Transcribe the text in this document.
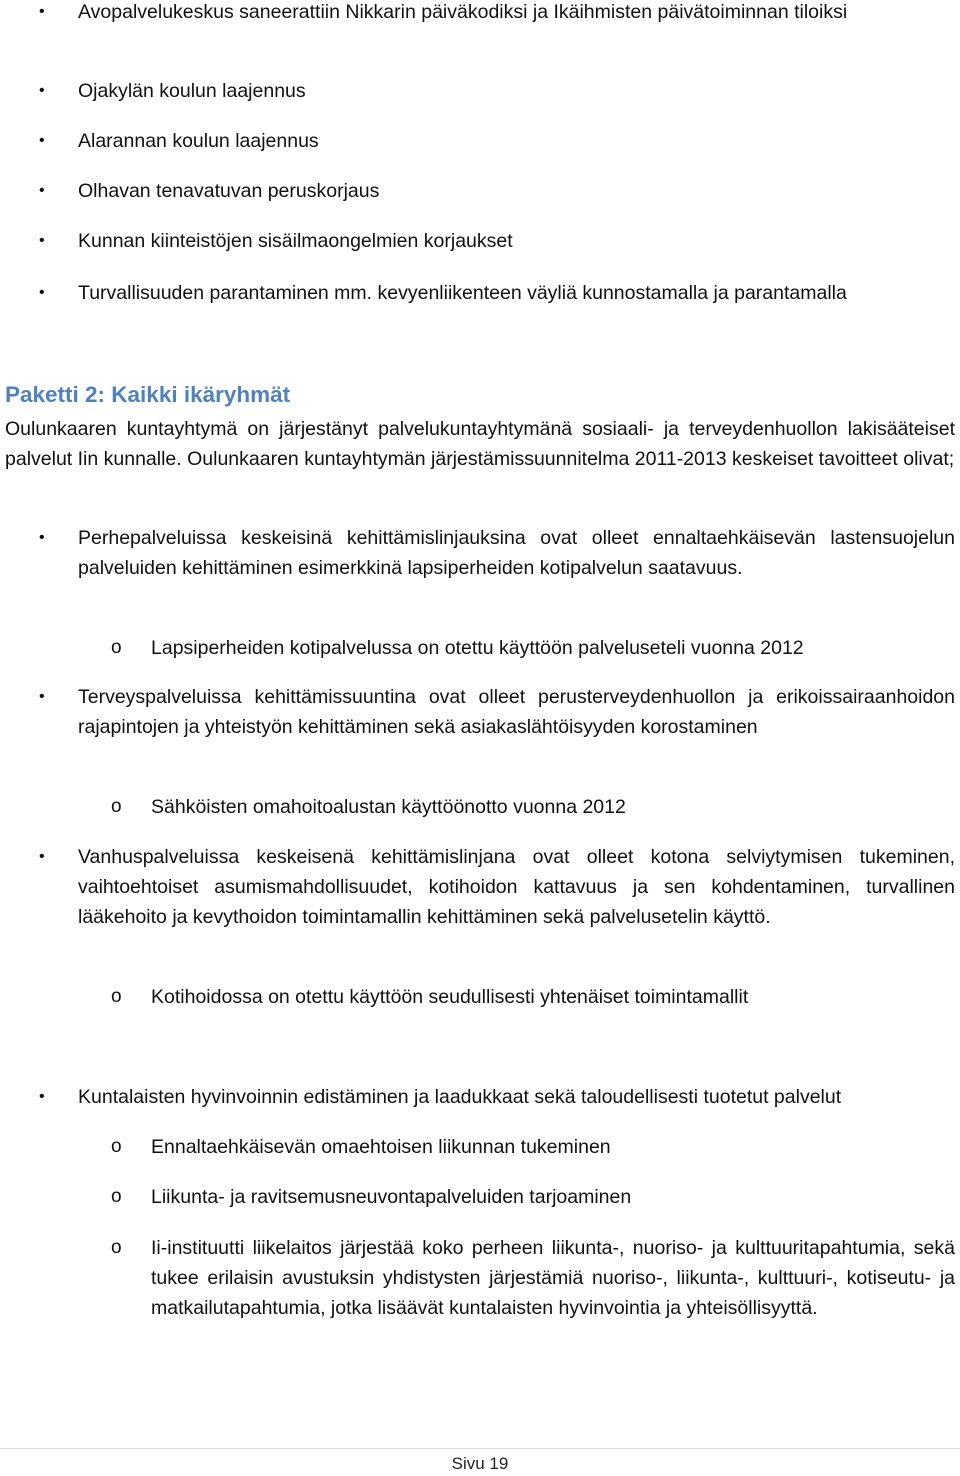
• Avopalvelukeskus saneerattiin Nikkarin päiväkodiksi ja Ikäihmisten päivätoiminnan tiloiksi
• Ojakylän koulun laajennus
• Alarannan koulun laajennus
• Olhavan tenavatuvan peruskorjaus
• Kunnan kiinteistöjen sisäilmaongelmien korjaukset
• Turvallisuuden parantaminen mm. kevyenliikenteen väyliä kunnostamalla ja parantamalla
Paketti 2: Kaikki ikäryhmät
Oulunkaaren kuntayhtymä on järjestänyt palvelukuntayhtymänä sosiaali- ja terveydenhuollon lakisääteiset palvelut Iin kunnalle. Oulunkaaren kuntayhtymän järjestämissuunnitelma 2011-2013 keskeiset tavoitteet olivat;
• Perhepalveluissa keskeisinä kehittämislinjauksina ovat olleet ennaltaehkäisevän lastensuojelun palveluiden kehittäminen esimerkkinä lapsiperheiden kotipalvelun saatavuus.
o Lapsiperheiden kotipalvelussa on otettu käyttöön palveluseteli vuonna 2012
• Terveyspalveluissa kehittämissuuntina ovat olleet perusterveydenhuollon ja erikoissairaanhoidon rajapintojen ja yhteistyön kehittäminen sekä asiakaslähtöisyyden korostaminen
o Sähköisten omahoitoalustan käyttöönotto vuonna 2012
• Vanhuspalveluissa keskeisenä kehittämislinjana ovat olleet kotona selviytymisen tukeminen, vaihtoehtoiset asumismahdollisuudet, kotihoidon kattavuus ja sen kohdentaminen, turvallinen lääkehoito ja kevythoidon toimintamallin kehittäminen sekä palvelusetelin käyttö.
o Kotihoidossa on otettu käyttöön seudullisesti yhtenäiset toimintamallit
• Kuntalaisten hyvinvoinnin edistäminen ja laadukkaat sekä taloudellisesti tuotetut palvelut
o Ennaltaehkäisevän omaehtoisen liikunnan tukeminen
o Liikunta- ja ravitsemusneuvontapalveluiden tarjoaminen
o Ii-instituutti liikelaitos järjestää koko perheen liikunta-, nuoriso- ja kulttuuritapahtumia, sekä tukee erilaisin avustuksin yhdistysten järjestämiä nuoriso-, liikunta-, kulttuuri-, kotiseutu- ja matkailutapahtumia, jotka lisäävät kuntalaisten hyvinvointia ja yhteisöllisyyttä.
Sivu 19
